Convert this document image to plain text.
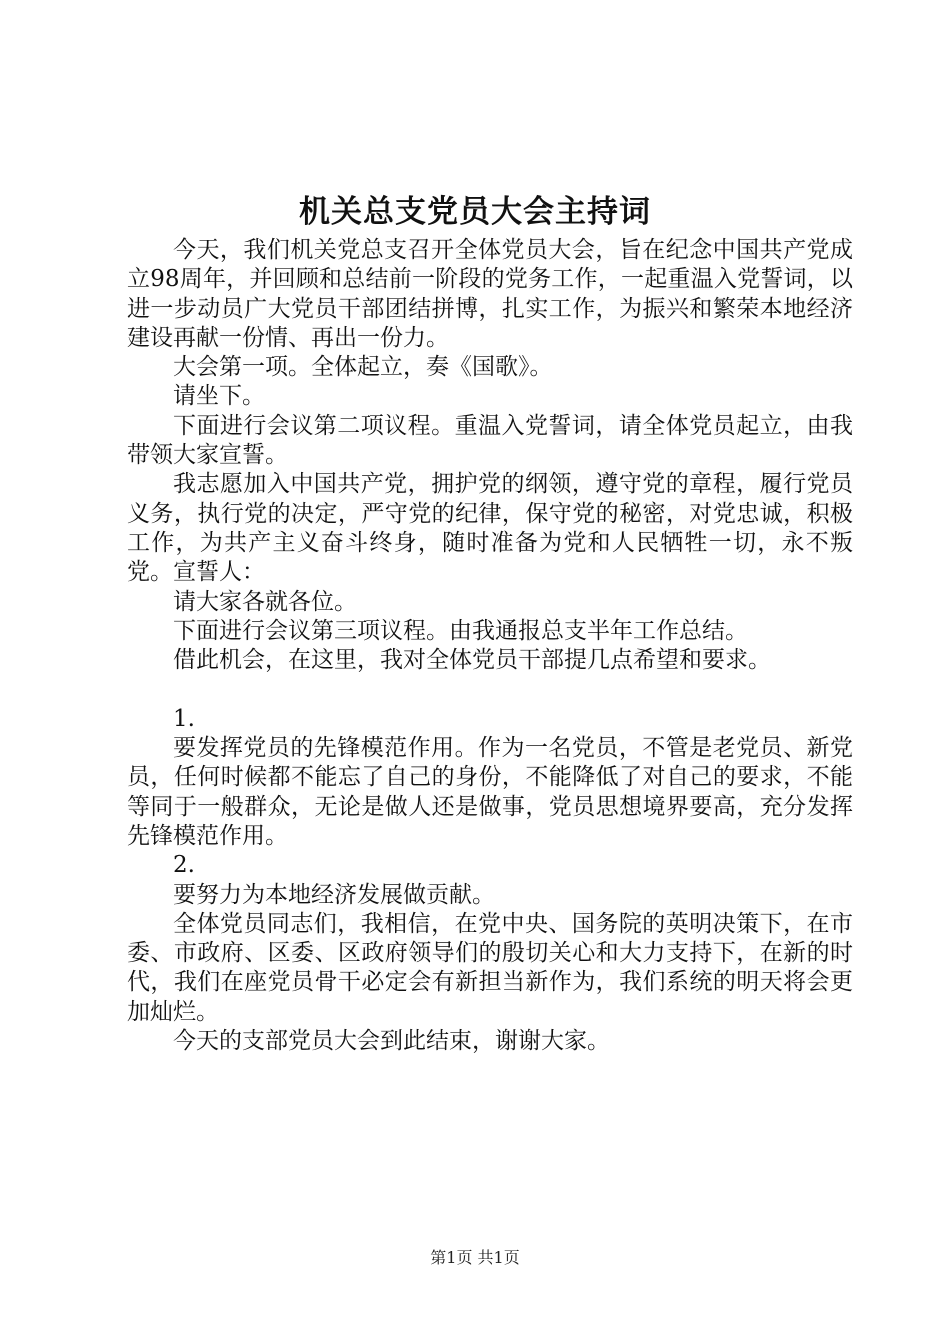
机关总支党员大会主持词

今天，我们机关党总支召开全体党员大会，旨在纪念中国共产党成立98周年，并回顾和总结前一阶段的党务工作，一起重温入党誓词，以进一步动员广大党员干部团结拼博，扎实工作，为振兴和繁荣本地经济建设再献一份情、再出一份力。

大会第一项。全体起立，奏《国歌》。

请坐下。

下面进行会议第二项议程。重温入党誓词，请全体党员起立，由我带领大家宣誓。

我志愿加入中国共产党，拥护党的纲领，遵守党的章程，履行党员义务，执行党的决定，严守党的纪律，保守党的秘密，对党忠诚，积极工作，为共产主义奋斗终身，随时准备为党和人民牺牲一切，永不叛党。宣誓人：

请大家各就各位。

下面进行会议第三项议程。由我通报总支半年工作总结。

借此机会，在这里，我对全体党员干部提几点希望和要求。

1.

要发挥党员的先锋模范作用。作为一名党员，不管是老党员、新党员，任何时候都不能忘了自己的身份，不能降低了对自己的要求，不能等同于一般群众，无论是做人还是做事，党员思想境界要高，充分发挥先锋模范作用。

2.

要努力为本地经济发展做贡献。

全体党员同志们，我相信，在党中央、国务院的英明决策下，在市委、市政府、区委、区政府领导们的殷切关心和大力支持下，在新的时代，我们在座党员骨干必定会有新担当新作为，我们系统的明天将会更加灿烂。

今天的支部党员大会到此结束，谢谢大家。

第1页 共1页
